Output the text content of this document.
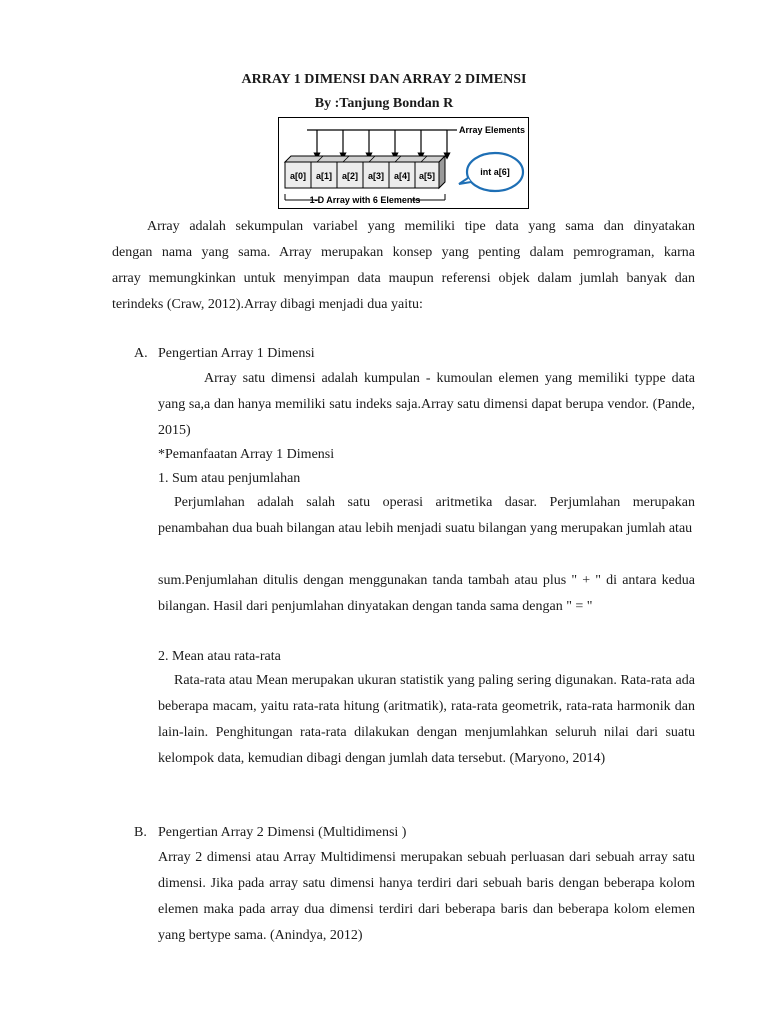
ARRAY 1 DIMENSI DAN ARRAY 2 DIMENSI
By :Tanjung Bondan R
Array Elements
a[0] a[1] a[2] a[3] a[4] a[5]	int a[6]
1-D Array with 6 Elements

Array adalah sekumpulan variabel yang memiliki tipe data yang sama dan dinyatakan

dengan nama yang sama. Array merupakan konsep yang penting dalam pemrograman, karna

array memungkinkan untuk menyimpan data maupun referensi objek dalam jumlah banyak dan

terindeks (Craw, 2012).Array dibagi menjadi dua yaitu:

A. Pengertian Array 1 Dimensi

Array satu dimensi adalah kumpulan - kumoulan elemen yang memiliki typpe data yang sa,a dan hanya memiliki satu indeks saja.Array satu dimensi dapat berupa vendor. (Pande, 2015)

*Pemanfaatan Array 1 Dimensi
1. Sum atau penjumlahan

Perjumlahan adalah salah satu operasi aritmetika dasar. Perjumlahan merupakan penambahan dua buah bilangan atau lebih menjadi suatu bilangan yang merupakan jumlah atau

sum.Penjumlahan ditulis dengan menggunakan tanda tambah atau plus " + " di antara kedua bilangan. Hasil dari penjumlahan dinyatakan dengan tanda sama dengan " = "

2. Mean atau rata-rata

Rata-rata atau Mean merupakan ukuran statistik yang paling sering digunakan. Rata-rata ada beberapa macam, yaitu rata-rata hitung (aritmatik), rata-rata geometrik, rata-rata harmonik dan lain-lain. Penghitungan rata-rata dilakukan dengan menjumlahkan seluruh nilai dari suatu kelompok data, kemudian dibagi dengan jumlah data tersebut. (Maryono, 2014)

B. Pengertian Array 2 Dimensi (Multidimensi )

Array 2 dimensi atau Array Multidimensi merupakan sebuah perluasan dari sebuah array satu dimensi. Jika pada array satu dimensi hanya terdiri dari sebuah baris dengan beberapa kolom elemen maka pada array dua dimensi terdiri dari beberapa baris dan beberapa kolom elemen yang bertype sama. (Anindya, 2012)
